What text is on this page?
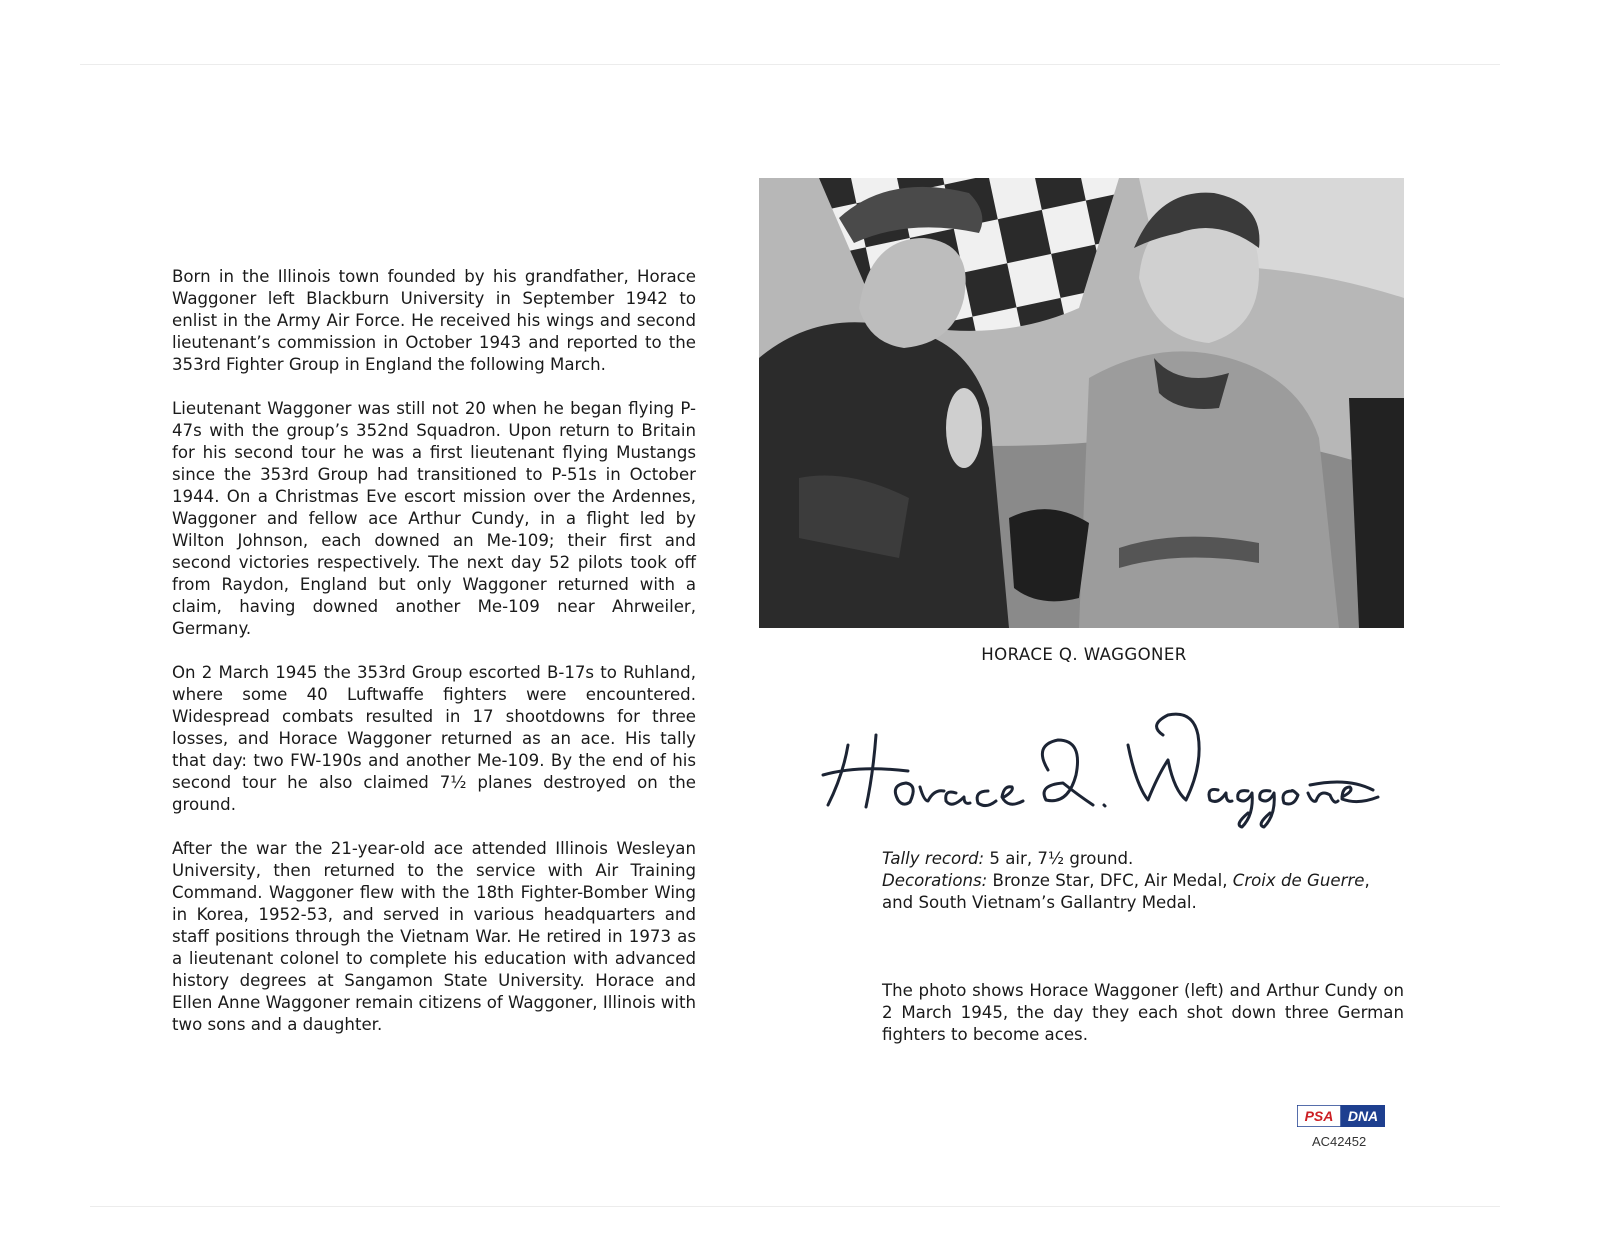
Born in the Illinois town founded by his grandfather, Horace Waggoner left Blackburn University in September 1942 to enlist in the Army Air Force. He received his wings and second lieutenant’s commission in October 1943 and reported to the 353rd Fighter Group in England the following March.

Lieutenant Waggoner was still not 20 when he began flying P-47s with the group’s 352nd Squadron. Upon return to Britain for his second tour he was a first lieutenant flying Mustangs since the 353rd Group had transitioned to P-51s in October 1944. On a Christmas Eve escort mission over the Ardennes, Waggoner and fellow ace Arthur Cundy, in a flight led by Wilton Johnson, each downed an Me-109; their first and second victories respectively. The next day 52 pilots took off from Raydon, England but only Waggoner returned with a claim, having downed another Me-109 near Ahrweiler, Germany.

On 2 March 1945 the 353rd Group escorted B-17s to Ruhland, where some 40 Luftwaffe fighters were encountered. Widespread combats resulted in 17 shootdowns for three losses, and Horace Waggoner returned as an ace. His tally that day: two FW-190s and another Me-109. By the end of his second tour he also claimed 7½ planes destroyed on the ground.

After the war the 21-year-old ace attended Illinois Wesleyan University, then returned to the service with Air Training Command. Waggoner flew with the 18th Fighter-Bomber Wing in Korea, 1952-53, and served in various headquarters and staff positions through the Vietnam War. He retired in 1973 as a lieutenant colonel to complete his education with advanced history degrees at Sangamon State University. Horace and Ellen Anne Waggoner remain citizens of Waggoner, Illinois with two sons and a daughter.

HORACE Q. WAGGONER
Tally record: 5 air, 7½ ground.
Decorations: Bronze Star, DFC, Air Medal, Croix de Guerre,
and South Vietnam’s Gallantry Medal.
The photo shows Horace Waggoner (left) and Arthur Cundy on 2 March 1945, the day they each shot down three German fighters to become aces.
PSA DNA
AC42452
